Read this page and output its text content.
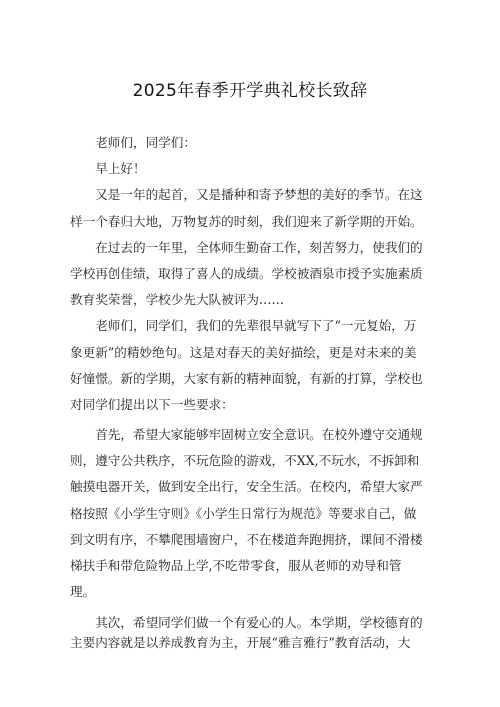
2025年春季开学典礼校长致辞
　　老师们，同学们：
　　早上好！
　　又是一年的起首，又是播种和寄予梦想的美好的季节。在这
样一个春归大地，万物复苏的时刻，我们迎来了新学期的开始。
　　在过去的一年里，全体师生勤奋工作，刻苦努力，使我们的
学校再创佳绩，取得了喜人的成绩。学校被酒泉市授予实施素质
教育奖荣誉，学校少先大队被评为……
　　老师们，同学们，我们的先辈很早就写下了“一元复始，万
象更新”的精妙绝句。这是对春天的美好描绘，更是对未来的美
好憧憬。新的学期，大家有新的精神面貌，有新的打算，学校也
对同学们提出以下一些要求：
　　首先，希望大家能够牢固树立安全意识。在校外遵守交通规
则，遵守公共秩序，不玩危险的游戏，不XX,不玩水，不拆卸和
触摸电器开关，做到安全出行，安全生活。在校内，希望大家严
格按照《小学生守则》《小学生日常行为规范》等要求自己，做
到文明有序，不攀爬围墙窗户，不在楼道奔跑拥挤，课间不滑楼
梯扶手和带危险物品上学,不吃带零食，服从老师的劝导和管
理。
　　其次，希望同学们做一个有爱心的人。本学期，学校德育的
主要内容就是以养成教育为主，开展“雅言雅行”教育活动，大
